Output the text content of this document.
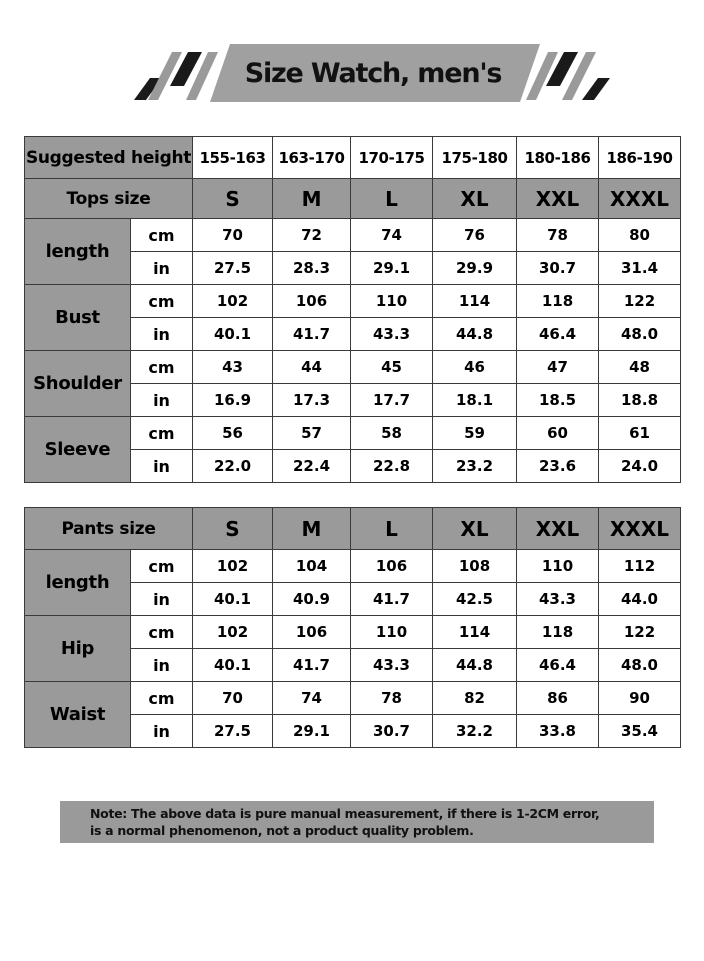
Size Watch, men's
Suggested height		155-163	163-170	170-175	175-180	180-186	186-190
Tops size		S	M	L	XL	XXL	XXXL
length	cm	70	72	74	76	78	80
	in	27.5	28.3	29.1	29.9	30.7	31.4
Bust	cm	102	106	110	114	118	122
	in	40.1	41.7	43.3	44.8	46.4	48.0
Shoulder	cm	43	44	45	46	47	48
	in	16.9	17.3	17.7	18.1	18.5	18.8
Sleeve	cm	56	57	58	59	60	61
	in	22.0	22.4	22.8	23.2	23.6	24.0
Pants size		S	M	L	XL	XXL	XXXL
length	cm	102	104	106	108	110	112
	in	40.1	40.9	41.7	42.5	43.3	44.0
Hip	cm	102	106	110	114	118	122
	in	40.1	41.7	43.3	44.8	46.4	48.0
Waist	cm	70	74	78	82	86	90
	in	27.5	29.1	30.7	32.2	33.8	35.4
Note: The above data is pure manual measurement, if there is 1-2CM error,
is a normal phenomenon, not a product quality problem.
